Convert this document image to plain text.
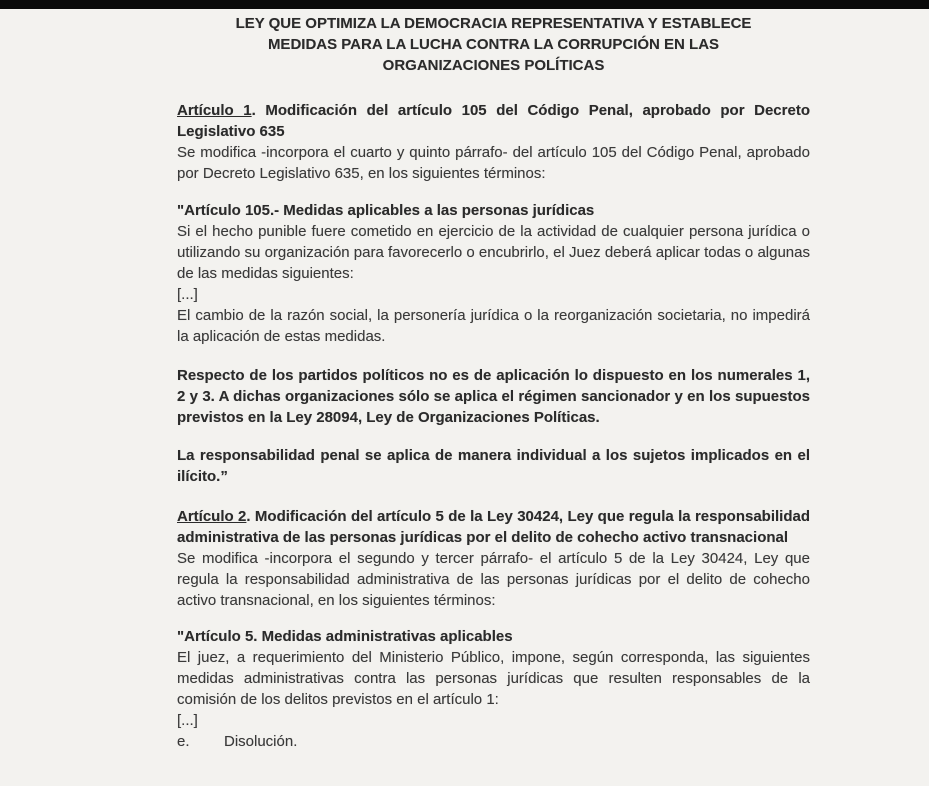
LEY QUE OPTIMIZA LA DEMOCRACIA REPRESENTATIVA Y ESTABLECE
MEDIDAS PARA LA LUCHA CONTRA LA CORRUPCIÓN EN LAS
ORGANIZACIONES POLÍTICAS

Artículo 1. Modificación del artículo 105 del Código Penal, aprobado por Decreto Legislativo 635

Se modifica -incorpora el cuarto y quinto párrafo- del artículo 105 del Código Penal, aprobado por Decreto Legislativo 635, en los siguientes términos:

"Artículo 105.- Medidas aplicables a las personas jurídicas

Si el hecho punible fuere cometido en ejercicio de la actividad de cualquier persona jurídica o utilizando su organización para favorecerlo o encubrirlo, el Juez deberá aplicar todas o algunas de las medidas siguientes:

[...]

El cambio de la razón social, la personería jurídica o la reorganización societaria, no impedirá la aplicación de estas medidas.

Respecto de los partidos políticos no es de aplicación lo dispuesto en los numerales 1, 2 y 3. A dichas organizaciones sólo se aplica el régimen sancionador y en los supuestos previstos en la Ley 28094, Ley de Organizaciones Políticas.

La responsabilidad penal se aplica de manera individual a los sujetos implicados en el ilícito.”

Artículo 2. Modificación del artículo 5 de la Ley 30424, Ley que regula la responsabilidad administrativa de las personas jurídicas por el delito de cohecho activo transnacional

Se modifica -incorpora el segundo y tercer párrafo- el artículo 5 de la Ley 30424, Ley que regula la responsabilidad administrativa de las personas jurídicas por el delito de cohecho activo transnacional, en los siguientes términos:

"Artículo 5. Medidas administrativas aplicables

El juez, a requerimiento del Ministerio Público, impone, según corresponda, las siguientes medidas administrativas contra las personas jurídicas que resulten responsables de la comisión de los delitos previstos en el artículo 1:

[...]

e.	Disolución.
